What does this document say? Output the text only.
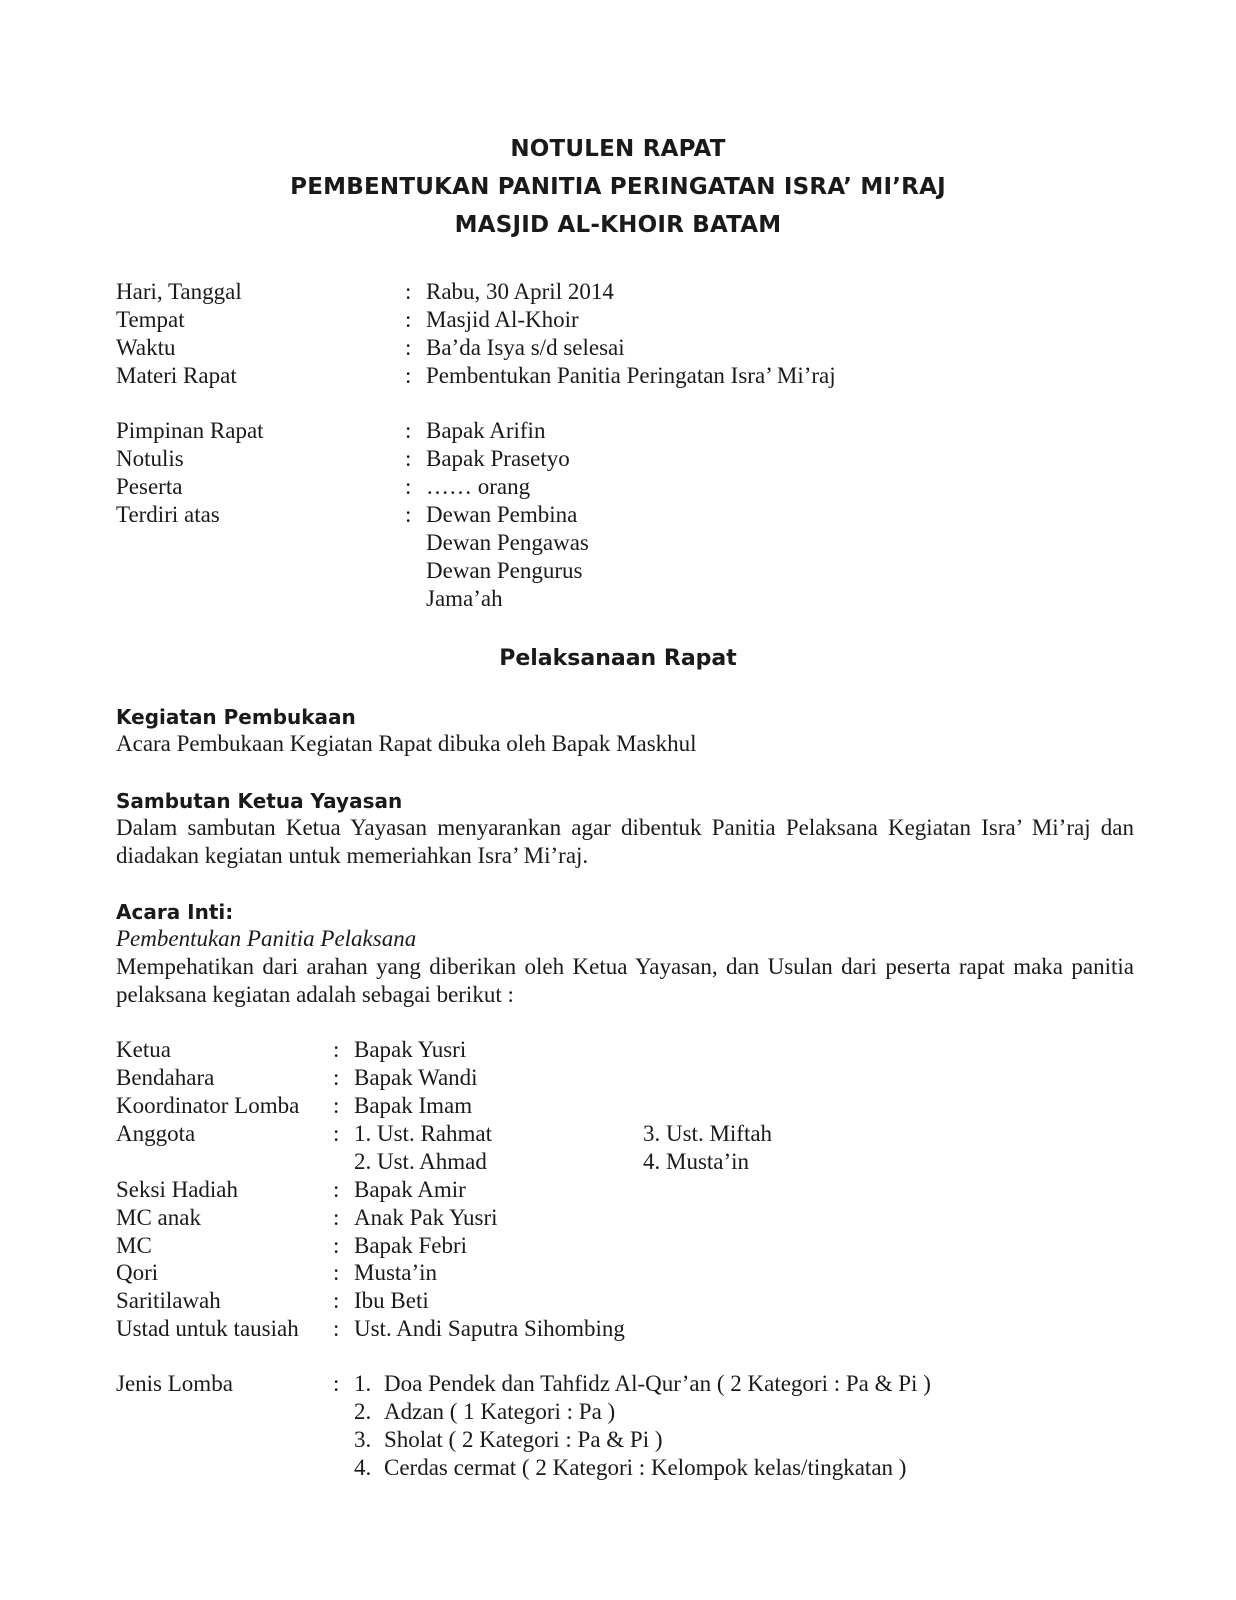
NOTULEN RAPAT
PEMBENTUKAN PANITIA PERINGATAN ISRA’ MI’RAJ
MASJID AL-KHOIR BATAM
Hari, Tanggal	: Rabu, 30 April 2014
Tempat	: Masjid Al-Khoir
Waktu	: Ba’da Isya s/d selesai
Materi Rapat	: Pembentukan Panitia Peringatan Isra’ Mi’raj
Pimpinan Rapat	: Bapak Arifin
Notulis	: Bapak Prasetyo
Peserta	: …… orang
Terdiri atas	: Dewan Pembina
Dewan Pengawas
Dewan Pengurus
Jama’ah
Pelaksanaan Rapat
Kegiatan Pembukaan
Acara Pembukaan Kegiatan Rapat dibuka oleh Bapak Maskhul
Sambutan Ketua Yayasan
Dalam sambutan Ketua Yayasan menyarankan agar dibentuk Panitia Pelaksana Kegiatan Isra’ Mi’raj dan diadakan kegiatan untuk memeriahkan Isra’ Mi’raj.
Acara Inti:
Pembentukan Panitia Pelaksana
Mempehatikan dari arahan yang diberikan oleh Ketua Yayasan, dan Usulan dari peserta rapat maka panitia pelaksana kegiatan adalah sebagai berikut :
Ketua	: Bapak Yusri
Bendahara	: Bapak Wandi
Koordinator Lomba : Bapak Imam
Anggota	: 1. Ust. Rahmat	3. Ust. Miftah
2. Ust. Ahmad	4. Musta’in
Seksi Hadiah	: Bapak Amir
MC anak	: Anak Pak Yusri
MC	: Bapak Febri
Qori	: Musta’in
Saritilawah	: Ibu Beti
Ustad untuk tausiah : Ust. Andi Saputra Sihombing
Jenis Lomba	: 1. Doa Pendek dan Tahfidz Al-Qur’an ( 2 Kategori : Pa & Pi )
2. Adzan ( 1 Kategori : Pa )
3. Sholat ( 2 Kategori : Pa & Pi )
4. Cerdas cermat ( 2 Kategori : Kelompok kelas/tingkatan )
